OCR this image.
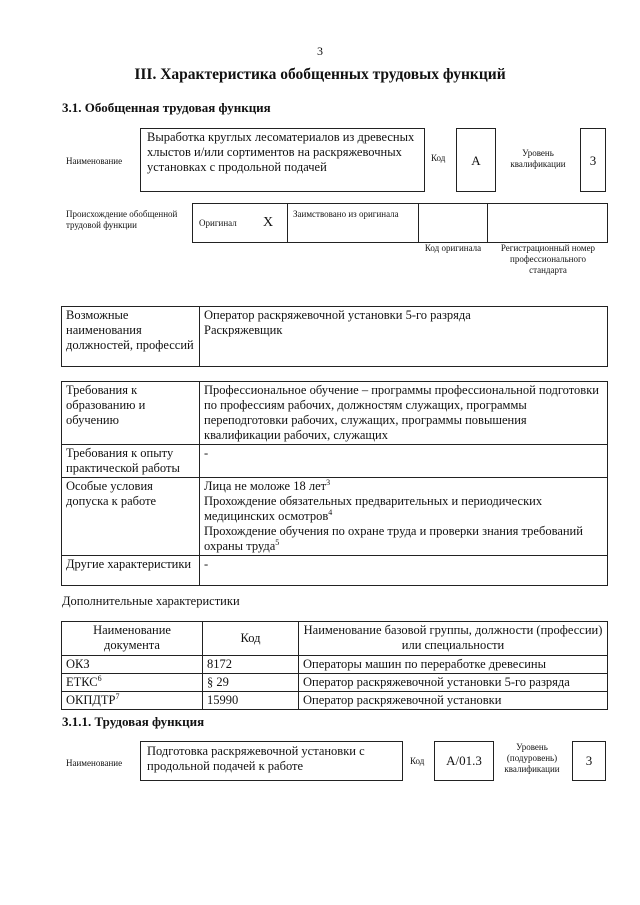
3
III. Характеристика обобщенных трудовых функций
3.1. Обобщенная трудовая функция
Наименование
Выработка круглых лесоматериалов из древесных хлыстов и/или сортиментов на раскряжевочных установках с продольной подачей
Код	A	Уровень квалификации	3
Происхождение обобщенной трудовой функции	Оригинал X
Заимствовано из оригинала
Код оригинала	Регистрационный номер профессионального стандарта
Возможные наименования должностей, профессий	
Оператор раскряжевочной установки 5-го разряда
Раскряжевщик
Требования к образованию и обучению	Профессиональное обучение – программы профессиональной подготовки по профессиям рабочих, должностям служащих, программы переподготовки рабочих, служащих, программы повышения квалификации рабочих, служащих
Требования к опыту практической работы	-
Особые условия допуска к работе	Лица не моложе 18 лет$^3$
Прохождение обязательных предварительных и периодических медицинских осмотров$^4$
Прохождение обучения по охране труда и проверки знания требований охраны труда$^5$

Другие характеристики	-
Дополнительные характеристики
Наименование документа	Код	Наименование базовой группы, должности (профессии) или специальности
ОКЗ	8172	Операторы машин по переработке древесины
ЕТКС$^6$	§ 29	Оператор раскряжевочной установки 5-го разряда
ОКПДТР$^7$	15990	Оператор раскряжевочной установки
3.1.1. Трудовая функция
Наименование
Подготовка раскряжевочной установки с продольной подачей к работе	Код	А/01.3
Уровень (подуровень) квалификации
3
